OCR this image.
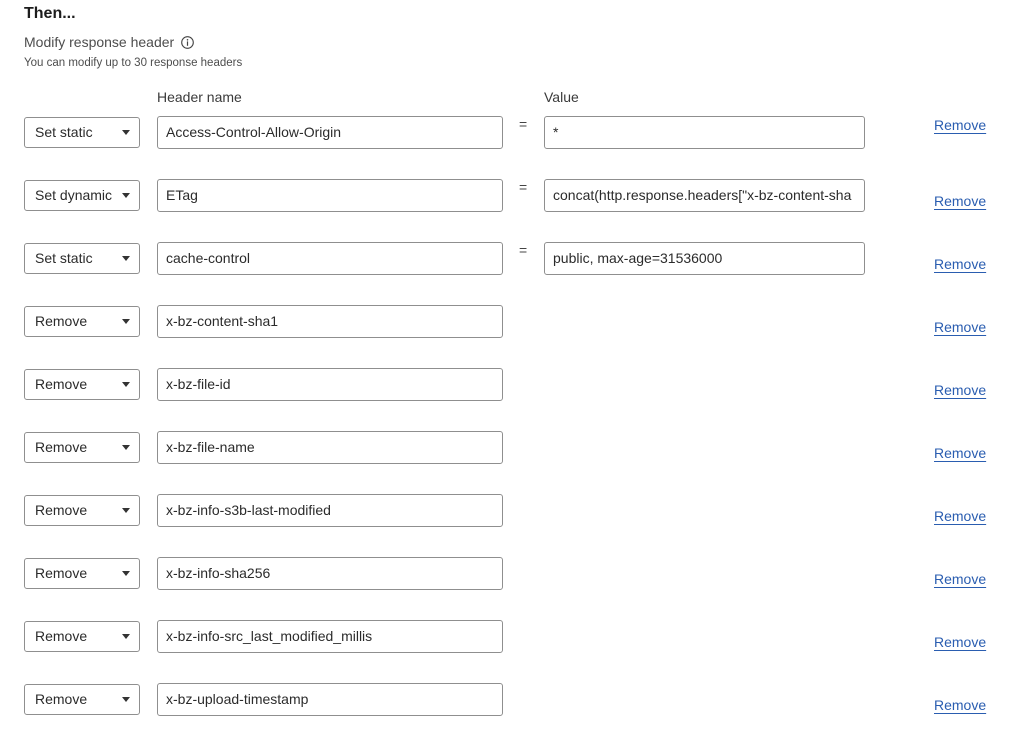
Then...
Modify response header
You can modify up to 30 response headers
Header name	Value
Set static	Access-Control-Allow-Origin	=	*	Remove
Set dynamic	ETag	=	concat(http.response.headers["x-bz-content-sha	Remove
Set static	cache-control	=	public, max-age=31536000	Remove
Remove	x-bz-content-sha1	Remove
Remove	x-bz-file-id	Remove
Remove	x-bz-file-name	Remove
Remove	x-bz-info-s3b-last-modified	Remove
Remove	x-bz-info-sha256	Remove
Remove	x-bz-info-src_last_modified_millis	Remove
Remove	x-bz-upload-timestamp	Remove
